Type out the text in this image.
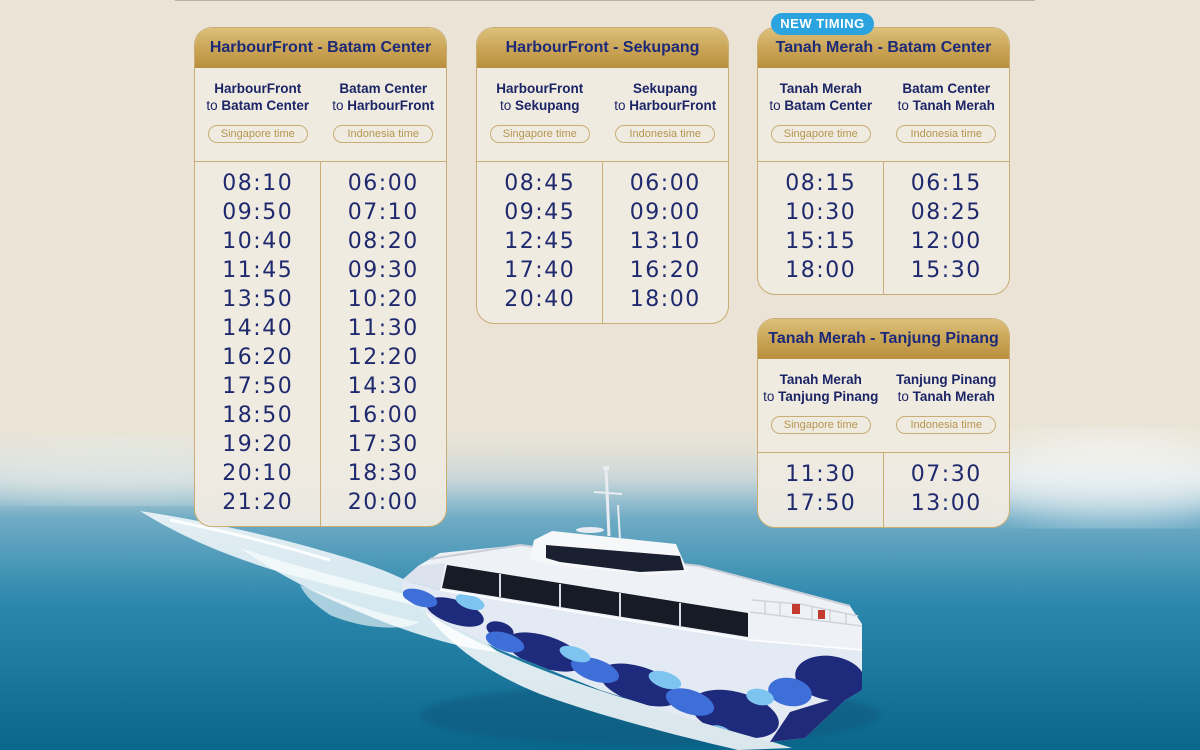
NEW TIMING
HarbourFront - Batam Center
HarbourFront
to Batam Center
Singapore time
Batam Center
to HarbourFront
Indonesia time
08:10
09:50
10:40
11:45
13:50
14:40
16:20
17:50
18:50
19:20
20:10
21:20
06:00
07:10
08:20
09:30
10:20
11:30
12:20
14:30
16:00
17:30
18:30
20:00
HarbourFront - Sekupang
HarbourFront
to Sekupang
Singapore time
Sekupang
to HarbourFront
Indonesia time
08:45
09:45
12:45
17:40
20:40
06:00
09:00
13:10
16:20
18:00
Tanah Merah - Batam Center
Tanah Merah
to Batam Center
Singapore time
Batam Center
to Tanah Merah
Indonesia time
08:15
10:30
15:15
18:00
06:15
08:25
12:00
15:30
Tanah Merah - Tanjung Pinang
Tanah Merah
to Tanjung Pinang
Singapore time
Tanjung Pinang
to Tanah Merah
Indonesia time
11:30
17:50
07:30
13:00
